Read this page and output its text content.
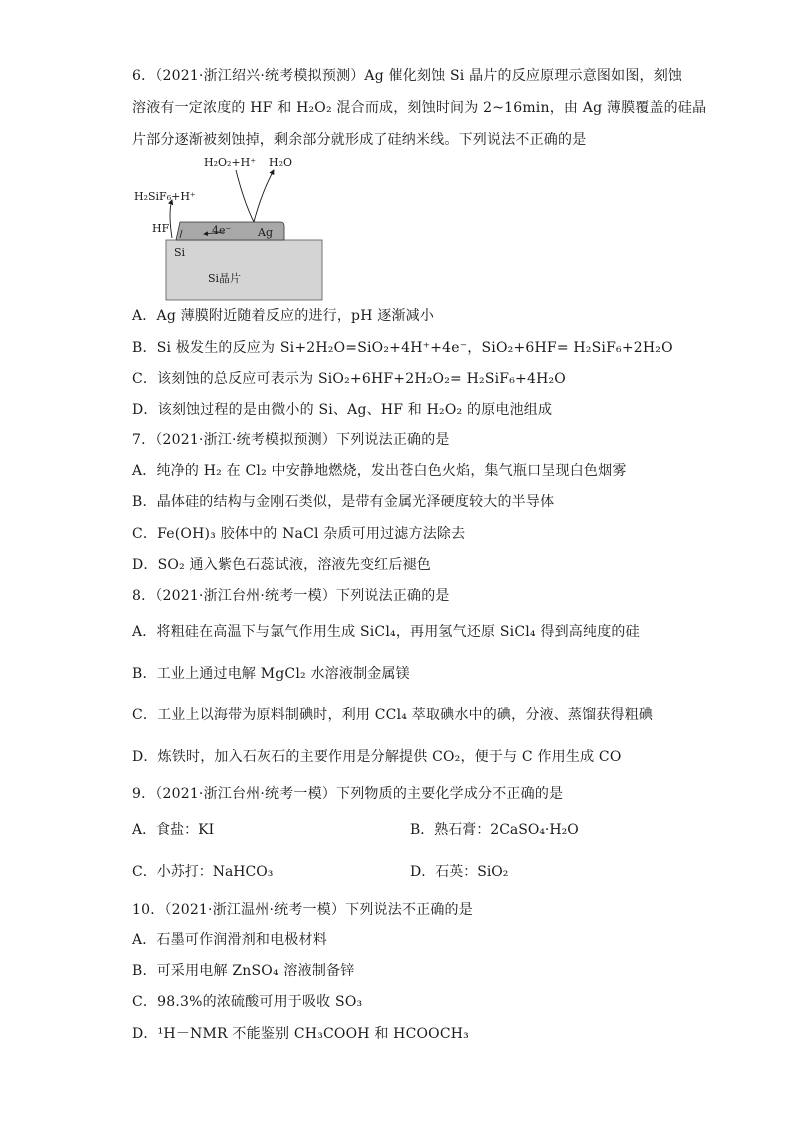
6．（2021·浙江绍兴·统考模拟预测）Ag 催化刻蚀 Si 晶片的反应原理示意图如图，刻蚀
溶液有一定浓度的 HF 和 H₂O₂ 混合而成，刻蚀时间为 2~16min，由 Ag 薄膜覆盖的硅晶
片部分逐渐被刻蚀掉，剩余部分就形成了硅纳米线。下列说法不正确的是
H₂O₂+H⁺ H₂O
H₂SiF₆+H⁺
HF	4e⁻ Ag
Si
Si晶片
A．Ag 薄膜附近随着反应的进行，pH 逐渐减小
B．Si 极发生的反应为 Si+2H₂O=SiO₂+4H⁺+4e⁻，SiO₂+6HF= H₂SiF₆+2H₂O
C．该刻蚀的总反应可表示为 SiO₂+6HF+2H₂O₂= H₂SiF₆+4H₂O
D．该刻蚀过程的是由微小的 Si、Ag、HF 和 H₂O₂ 的原电池组成
7．（2021·浙江·统考模拟预测）下列说法正确的是
A．纯净的 H₂ 在 Cl₂ 中安静地燃烧，发出苍白色火焰，集气瓶口呈现白色烟雾
B．晶体硅的结构与金刚石类似，是带有金属光泽硬度较大的半导体
C．Fe(OH)₃ 胶体中的 NaCl 杂质可用过滤方法除去
D．SO₂ 通入紫色石蕊试液，溶液先变红后褪色
8．（2021·浙江台州·统考一模）下列说法正确的是
A．将粗硅在高温下与氯气作用生成 SiCl₄，再用氢气还原 SiCl₄ 得到高纯度的硅
B．工业上通过电解 MgCl₂ 水溶液制金属镁
C．工业上以海带为原料制碘时，利用 CCl₄ 萃取碘水中的碘，分液、蒸馏获得粗碘
D．炼铁时，加入石灰石的主要作用是分解提供 CO₂，便于与 C 作用生成 CO
9．（2021·浙江台州·统考一模）下列物质的主要化学成分不正确的是
A．食盐：KI	B．熟石膏：2CaSO₄·H₂O
C．小苏打：NaHCO₃	D．石英：SiO₂
10．（2021·浙江温州·统考一模）下列说法不正确的是
A．石墨可作润滑剂和电极材料
B．可采用电解 ZnSO₄ 溶液制备锌
C．98.3%的浓硫酸可用于吸收 SO₃
D．¹H－NMR 不能鉴别 CH₃COOH 和 HCOOCH₃
